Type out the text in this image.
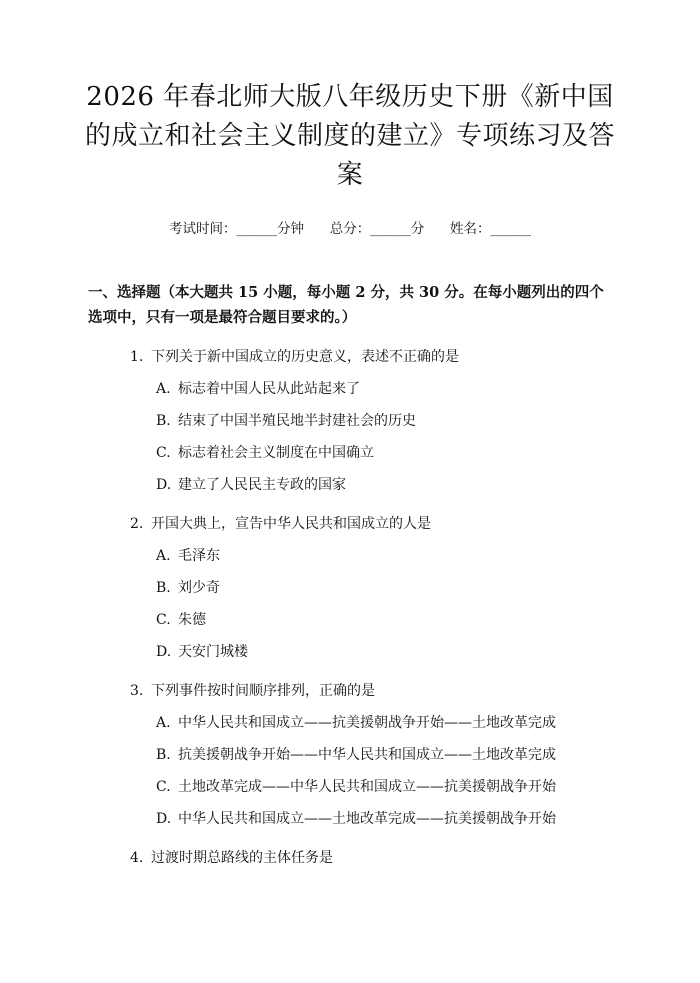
2026 年春北师大版八年级历史下册《新中国的成立和社会主义制度的建立》专项练习及答案
考试时间：______分钟      总分：______分      姓名：______
一、选择题（本大题共 15 小题，每小题 2 分，共 30 分。在每小题列出的四个选项中，只有一项是最符合题目要求的。）
1. 下列关于新中国成立的历史意义，表述不正确的是
A. 标志着中国人民从此站起来了
B. 结束了中国半殖民地半封建社会的历史
C. 标志着社会主义制度在中国确立
D. 建立了人民民主专政的国家
2. 开国大典上，宣告中华人民共和国成立的人是
A. 毛泽东
B. 刘少奇
C. 朱德
D. 天安门城楼
3. 下列事件按时间顺序排列，正确的是
A. 中华人民共和国成立——抗美援朝战争开始——土地改革完成
B. 抗美援朝战争开始——中华人民共和国成立——土地改革完成
C. 土地改革完成——中华人民共和国成立——抗美援朝战争开始
D. 中华人民共和国成立——土地改革完成——抗美援朝战争开始
4. 过渡时期总路线的主体任务是
